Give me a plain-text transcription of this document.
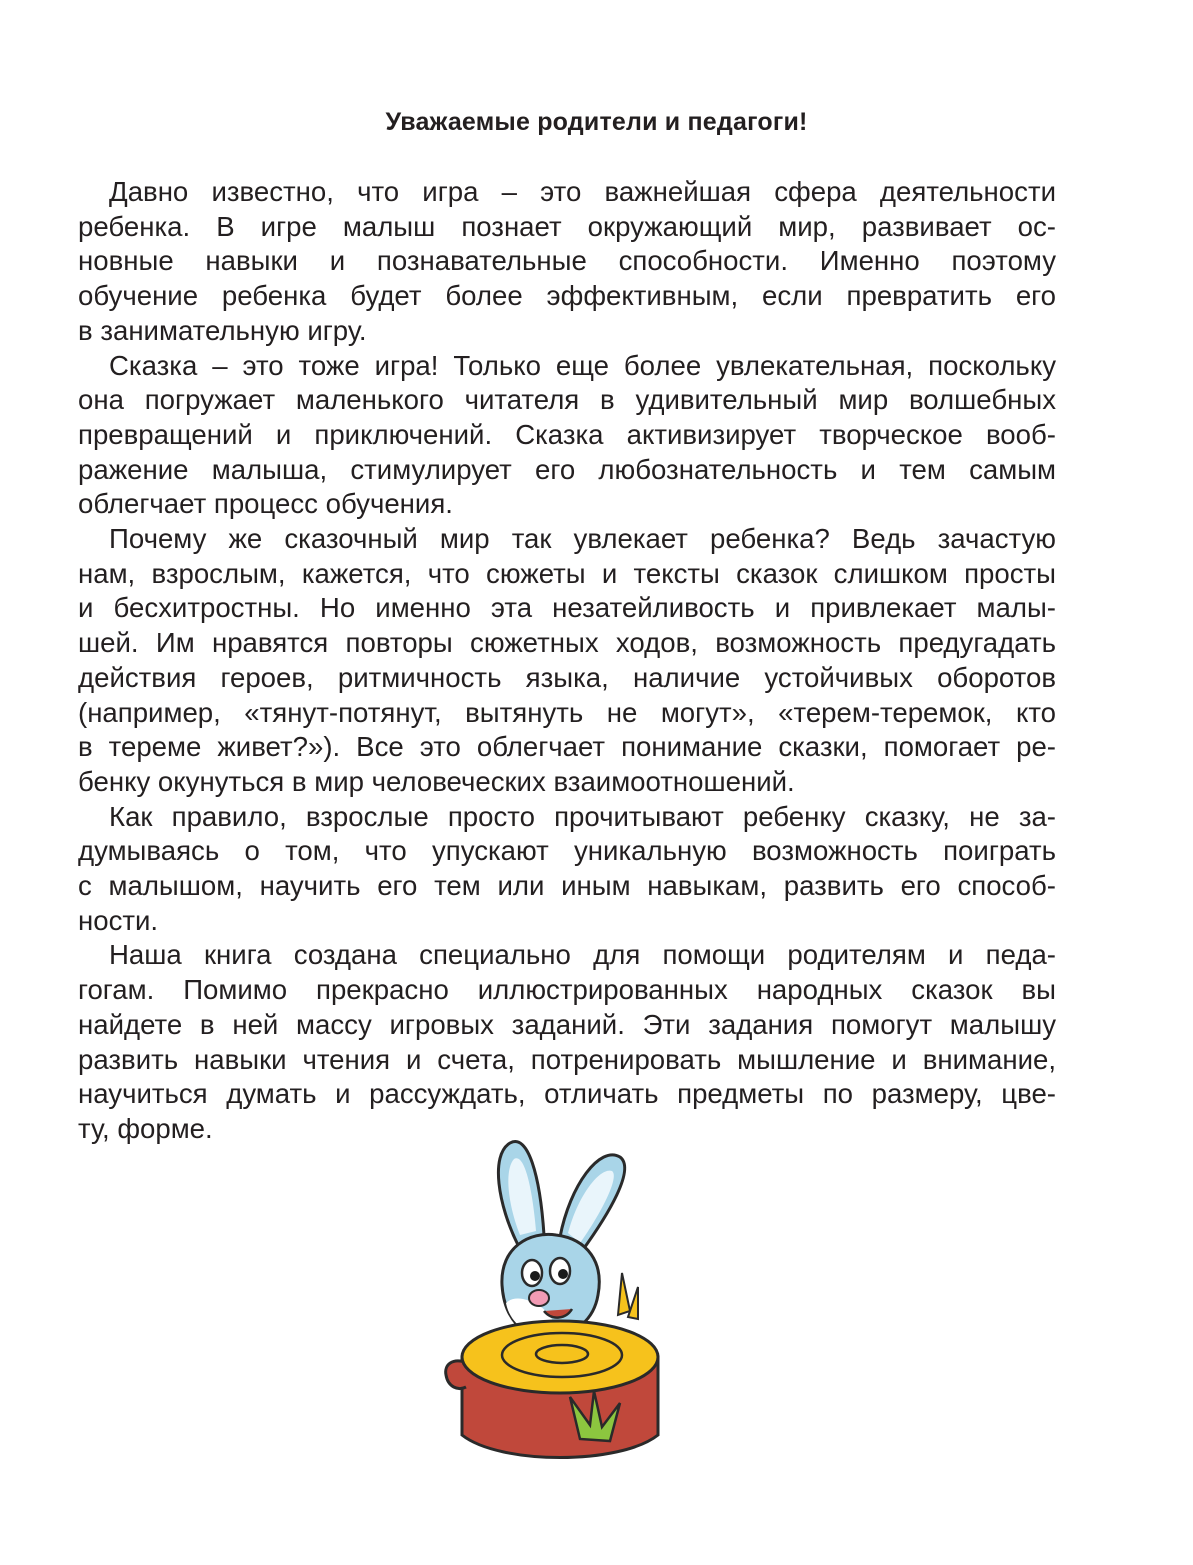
Уважаемые родители и педагоги!

Давно известно, что игра – это важнейшая сфера деятельности
ребенка. В игре малыш познает окружающий мир, развивает ос-
новные навыки и познавательные способности. Именно поэтому
обучение ребенка будет более эффективным, если превратить его
в занимательную игру.

Сказка – это тоже игра! Только еще более увлекательная, поскольку
она погружает маленького читателя в удивительный мир волшебных
превращений и приключений. Сказка активизирует творческое вооб-
ражение малыша, стимулирует его любознательность и тем самым
облегчает процесс обучения.

Почему же сказочный мир так увлекает ребенка? Ведь зачастую
нам, взрослым, кажется, что сюжеты и тексты сказок слишком просты
и бесхитростны. Но именно эта незатейливость и привлекает малы-
шей. Им нравятся повторы сюжетных ходов, возможность предугадать
действия героев, ритмичность языка, наличие устойчивых оборотов
(например, «тянут-потянут, вытянуть не могут», «терем-теремок, кто
в тереме живет?»). Все это облегчает понимание сказки, помогает ре-
бенку окунуться в мир человеческих взаимоотношений.

Как правило, взрослые просто прочитывают ребенку сказку, не за-
думываясь о том, что упускают уникальную возможность поиграть
с малышом, научить его тем или иным навыкам, развить его способ-
ности.

Наша книга создана специально для помощи родителям и педа-
гогам. Помимо прекрасно иллюстрированных народных сказок вы
найдете в ней массу игровых заданий. Эти задания помогут малышу
развить навыки чтения и счета, потренировать мышление и внимание,
научиться думать и рассуждать, отличать предметы по размеру, цве-
ту, форме.
